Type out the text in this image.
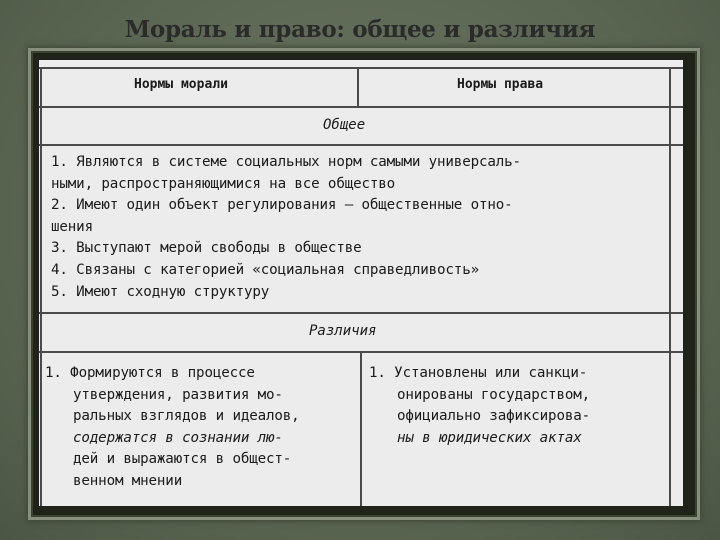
Мораль и право: общее и различия
Нормы морали	Нормы права
Общее
1. Являются в системе социальных норм самыми универсаль-
ными, распространяющимися на все общество
2. Имеют один объект регулирования — общественные отно-
шения
3. Выступают мерой свободы в обществе
4. Связаны с категорией «социальная справедливость»
5. Имеют сходную структуру
Различия
1. Формируются в процессе
утверждения, развития мо-
ральных взглядов и идеалов,
содержатся в сознании лю-
дей и выражаются в общест-
венном мнении
1. Установлены или санкци-
онированы государством,
официально зафиксирова-
ны в юридических актах
